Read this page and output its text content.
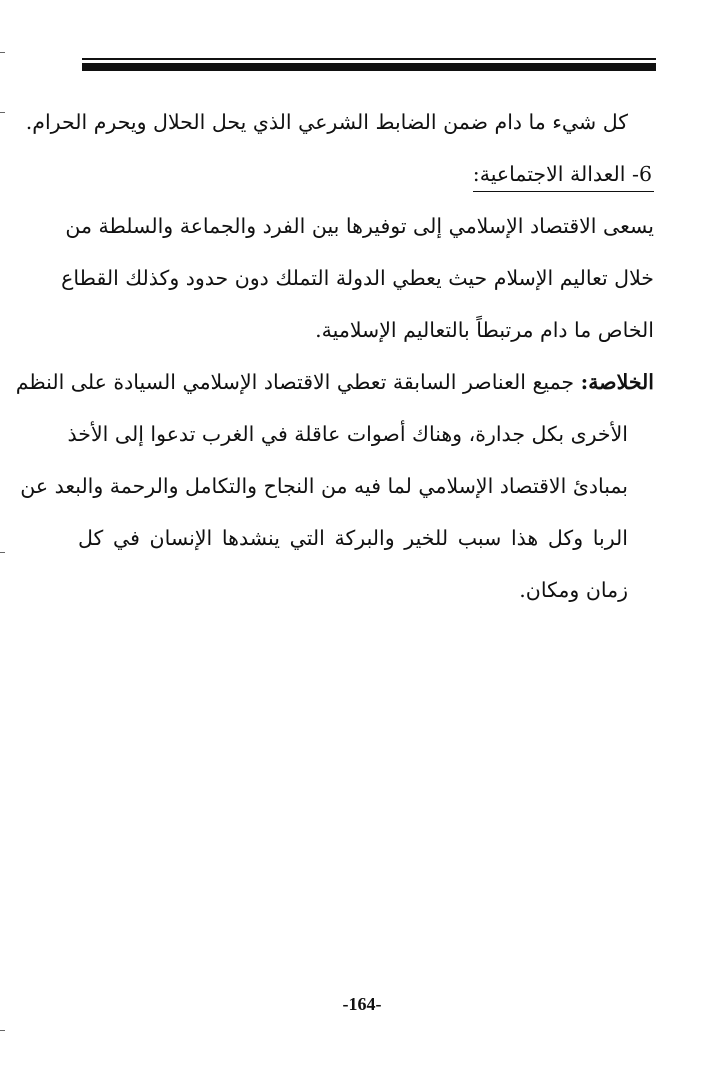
كل شيء ما دام ضمن الضابط الشرعي الذي يحل الحلال ويحرم الحرام.
6- العدالة الاجتماعية:
يسعى الاقتصاد الإسلامي إلى توفيرها بين الفرد والجماعة والسلطة من
خلال تعاليم الإسلام حيث يعطي الدولة التملك دون حدود وكذلك القطاع
الخاص ما دام مرتبطاً بالتعاليم الإسلامية.
الخلاصة: جميع العناصر السابقة تعطي الاقتصاد الإسلامي السيادة على النظم
الأخرى بكل جدارة، وهناك أصوات عاقلة في الغرب تدعوا إلى الأخذ
بمبادئ الاقتصاد الإسلامي لما فيه من النجاح والتكامل والرحمة والبعد عن
الربا وكل هذا سبب للخير والبركة التي ينشدها الإنسان في كل
زمان ومكان.
-164-
